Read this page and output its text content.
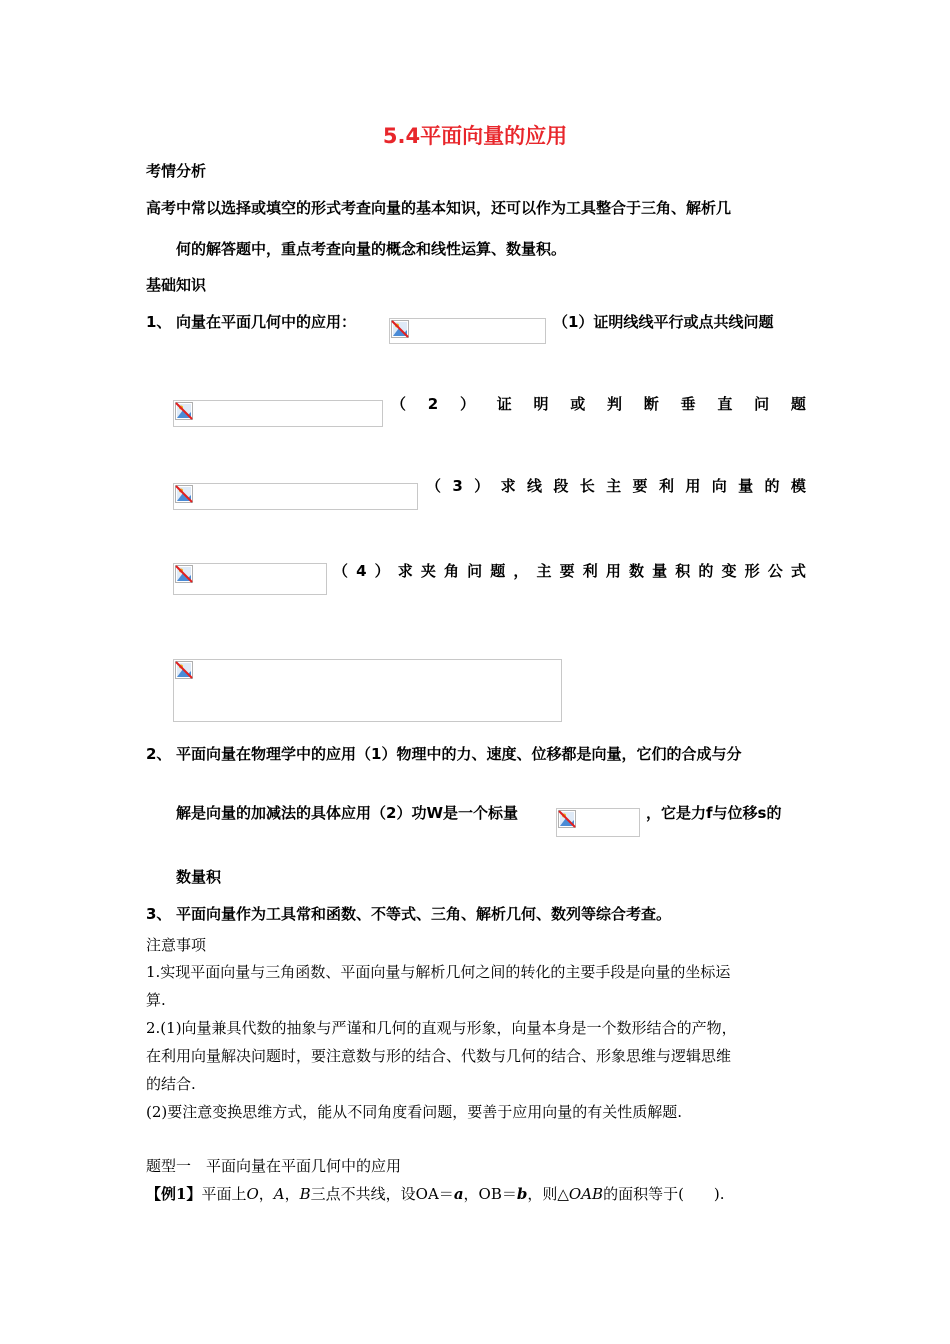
5.4平面向量的应用
考情分析
高考中常以选择或填空的形式考查向量的基本知识，还可以作为工具整合于三角、解析几
何的解答题中，重点考查向量的概念和线性运算、数量积。
基础知识
1、 向量在平面几何中的应用：	（1）证明线线平行或点共线问题
（ 2 ） 证 明 或 判 断 垂 直 问 题
（ 3 ） 求 线 段 长 主 要 利 用 向 量 的 模
（ 4 ） 求 夹 角 问 题 ， 主 要 利 用 数 量 积 的 变 形 公 式
2、 平面向量在物理学中的应用（1）物理中的力、速度、位移都是向量，它们的合成与分
解是向量的加减法的具体应用（2）功W是一个标量	，它是力f与位移s的
数量积
3、 平面向量作为工具常和函数、不等式、三角、解析几何、数列等综合考查。
注意事项
1.实现平面向量与三角函数、平面向量与解析几何之间的转化的主要手段是向量的坐标运
算.
2.(1)向量兼具代数的抽象与严谨和几何的直观与形象，向量本身是一个数形结合的产物，
在利用向量解决问题时，要注意数与形的结合、代数与几何的结合、形象思维与逻辑思维
的结合.
(2)要注意变换思维方式，能从不同角度看问题，要善于应用向量的有关性质解题.
题型一　平面向量在平面几何中的应用
【例1】平面上O，A，B三点不共线，设OA＝a，OB＝b，则△OAB的面积等于(　　).
